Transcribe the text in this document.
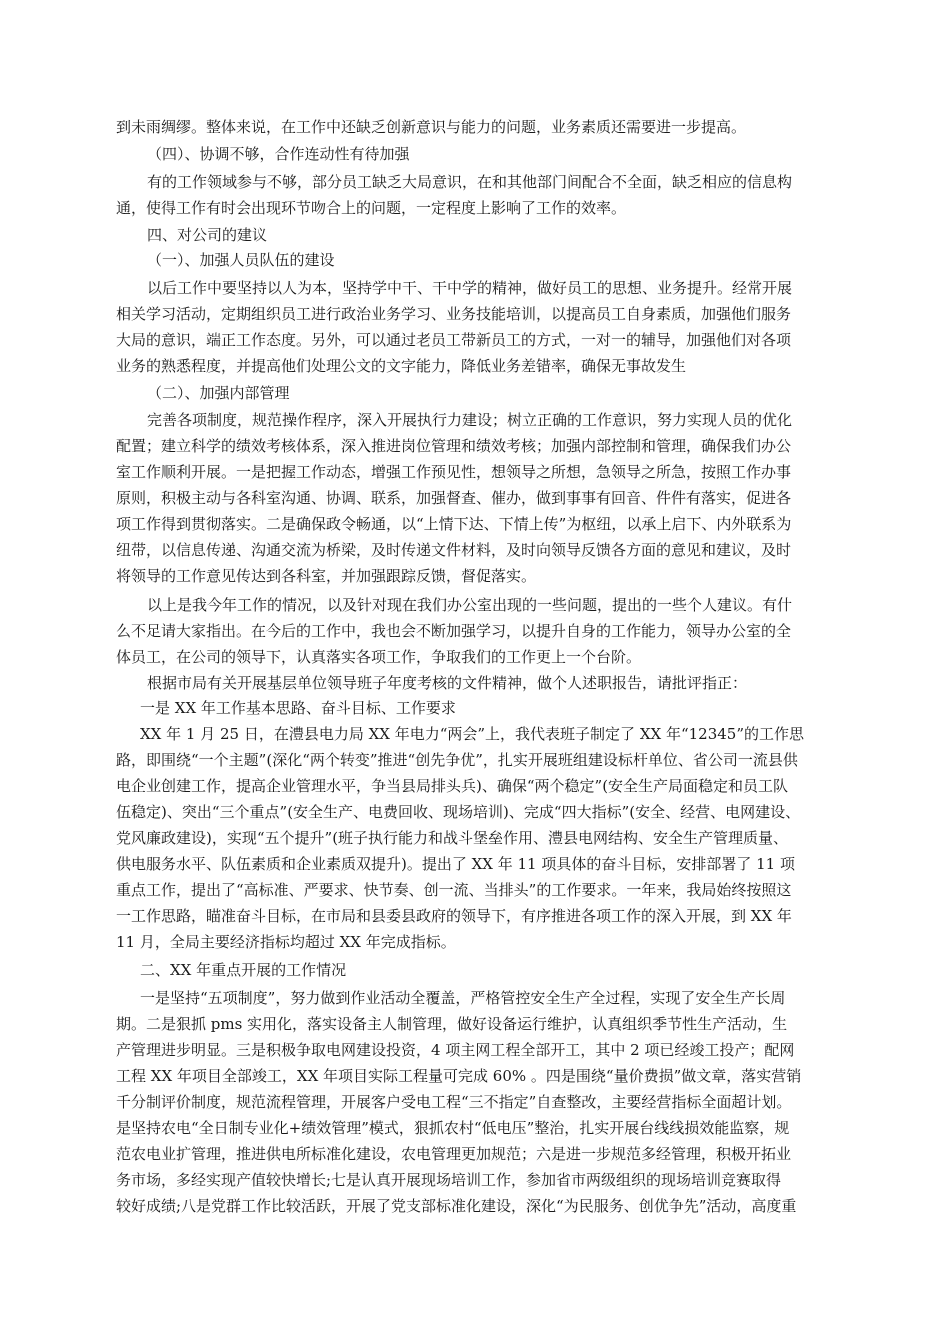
到未雨绸缪。整体来说，在工作中还缺乏创新意识与能力的问题，业务素质还需要进一步提高。
（四）、协调不够，合作连动性有待加强
有的工作领域参与不够，部分员工缺乏大局意识，在和其他部门间配合不全面，缺乏相应的信息构
通，使得工作有时会出现环节吻合上的问题，一定程度上影响了工作的效率。
四、对公司的建议
（一）、加强人员队伍的建设
以后工作中要坚持以人为本，坚持学中干、干中学的精神，做好员工的思想、业务提升。经常开展
相关学习活动，定期组织员工进行政治业务学习、业务技能培训，以提高员工自身素质，加强他们服务
大局的意识，端正工作态度。另外，可以通过老员工带新员工的方式，一对一的辅导，加强他们对各项
业务的熟悉程度，并提高他们处理公文的文字能力，降低业务差错率，确保无事故发生
（二）、加强内部管理
完善各项制度，规范操作程序，深入开展执行力建设；树立正确的工作意识，努力实现人员的优化
配置；建立科学的绩效考核体系，深入推进岗位管理和绩效考核；加强内部控制和管理，确保我们办公
室工作顺利开展。一是把握工作动态，增强工作预见性，想领导之所想，急领导之所急，按照工作办事
原则，积极主动与各科室沟通、协调、联系，加强督查、催办，做到事事有回音、件件有落实，促进各
项工作得到贯彻落实。二是确保政令畅通，以“上情下达、下情上传”为枢纽，以承上启下、内外联系为
纽带，以信息传递、沟通交流为桥梁，及时传递文件材料，及时向领导反馈各方面的意见和建议，及时
将领导的工作意见传达到各科室，并加强跟踪反馈，督促落实。
以上是我今年工作的情况，以及针对现在我们办公室出现的一些问题，提出的一些个人建议。有什
么不足请大家指出。在今后的工作中，我也会不断加强学习，以提升自身的工作能力，领导办公室的全
体员工，在公司的领导下，认真落实各项工作，争取我们的工作更上一个台阶。
根据市局有关开展基层单位领导班子年度考核的文件精神，做个人述职报告，请批评指正：
一是 XX 年工作基本思路、奋斗目标、工作要求
XX 年 1 月 25 日，在澧县电力局 XX 年电力“两会”上，我代表班子制定了 XX 年“12345”的工作思
路，即围绕“一个主题”(深化“两个转变”推进“创先争优”，扎实开展班组建设标杆单位、省公司一流县供
电企业创建工作，提高企业管理水平，争当县局排头兵)、确保“两个稳定”(安全生产局面稳定和员工队
伍稳定)、突出“三个重点”(安全生产、电费回收、现场培训)、完成“四大指标”(安全、经营、电网建设、
党风廉政建设)，实现“五个提升”(班子执行能力和战斗堡垒作用、澧县电网结构、安全生产管理质量、
供电服务水平、队伍素质和企业素质双提升)。提出了 XX 年 11 项具体的奋斗目标，安排部署了 11 项
重点工作，提出了“高标准、严要求、快节奏、创一流、当排头”的工作要求。一年来，我局始终按照这
一工作思路，瞄准奋斗目标，在市局和县委县政府的领导下，有序推进各项工作的深入开展，到 XX 年
11 月，全局主要经济指标均超过 XX 年完成指标。
二、XX 年重点开展的工作情况
一是坚持“五项制度”，努力做到作业活动全覆盖，严格管控安全生产全过程，实现了安全生产长周
期。二是狠抓 pms 实用化，落实设备主人制管理，做好设备运行维护，认真组织季节性生产活动，生
产管理进步明显。三是积极争取电网建设投资，4 项主网工程全部开工，其中 2 项已经竣工投产；配网
工程 XX 年项目全部竣工，XX 年项目实际工程量可完成 60% 。四是围绕“量价费损”做文章，落实营销
千分制评价制度，规范流程管理，开展客户受电工程“三不指定”自查整改，主要经营指标全面超计划。
是坚持农电“全日制专业化+绩效管理”模式，狠抓农村“低电压”整治，扎实开展台线线损效能监察，规
范农电业扩管理，推进供电所标准化建设，农电管理更加规范；六是进一步规范多经管理，积极开拓业
务市场，多经实现产值较快增长;七是认真开展现场培训工作，参加省市两级组织的现场培训竞赛取得
较好成绩;八是党群工作比较活跃，开展了党支部标准化建设，深化“为民服务、创优争先”活动，高度重
